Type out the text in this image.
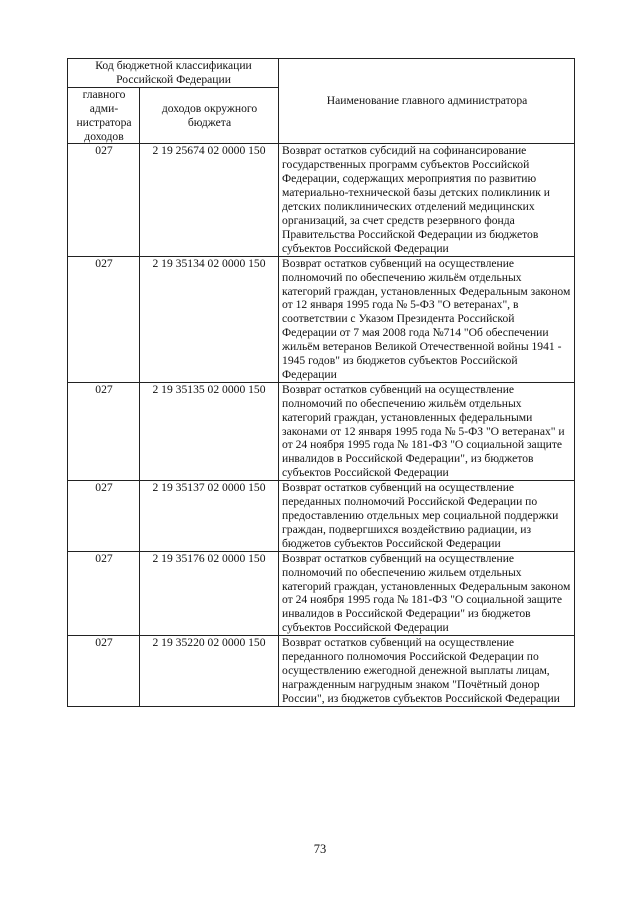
Код бюджетной классификации Российской Федерации		Наименование главного администратора
главного адми-нистратора доходов	доходов окружного бюджета	
027	2 19 25674 02 0000 150	Возврат остатков субсидий на софинансирование государственных программ субъектов Российской Федерации, содержащих мероприятия по развитию материально-технической базы детских поликлиник и детских поликлинических отделений медицинских организаций, за счет средств резервного фонда Правительства Российской Федерации из бюджетов субъектов Российской Федерации
027	2 19 35134 02 0000 150	Возврат остатков субвенций на осуществление полномочий по обеспечению жильём отдельных категорий граждан, установленных Федеральным законом от 12 января 1995 года № 5-ФЗ "О ветеранах", в соответствии с Указом Президента Российской Федерации от 7 мая 2008 года №714 "Об обеспечении жильём ветеранов Великой Отечественной войны 1941 - 1945 годов" из бюджетов субъектов Российской Федерации
027	2 19 35135 02 0000 150	Возврат остатков субвенций на осуществление полномочий по обеспечению жильём отдельных категорий граждан, установленных федеральными законами от 12 января 1995 года № 5-ФЗ "О ветеранах" и от 24 ноября 1995 года № 181-ФЗ "О социальной защите инвалидов в Российской Федерации", из бюджетов субъектов Российской Федерации
027	2 19 35137 02 0000 150	Возврат остатков субвенций на осуществление переданных полномочий Российской Федерации по предоставлению отдельных мер социальной поддержки граждан, подвергшихся воздействию радиации, из бюджетов субъектов Российской Федерации
027	2 19 35176 02 0000 150	Возврат остатков субвенций на осуществление полномочий по обеспечению жильем отдельных категорий граждан, установленных Федеральным законом от 24 ноября 1995 года № 181-ФЗ "О социальной защите инвалидов в Российской Федерации" из бюджетов субъектов Российской Федерации
027	2 19 35220 02 0000 150	Возврат остатков субвенций на осуществление переданного полномочия Российской Федерации по осуществлению ежегодной денежной выплаты лицам, награжденным нагрудным знаком "Почётный донор России", из бюджетов субъектов Российской Федерации
73
